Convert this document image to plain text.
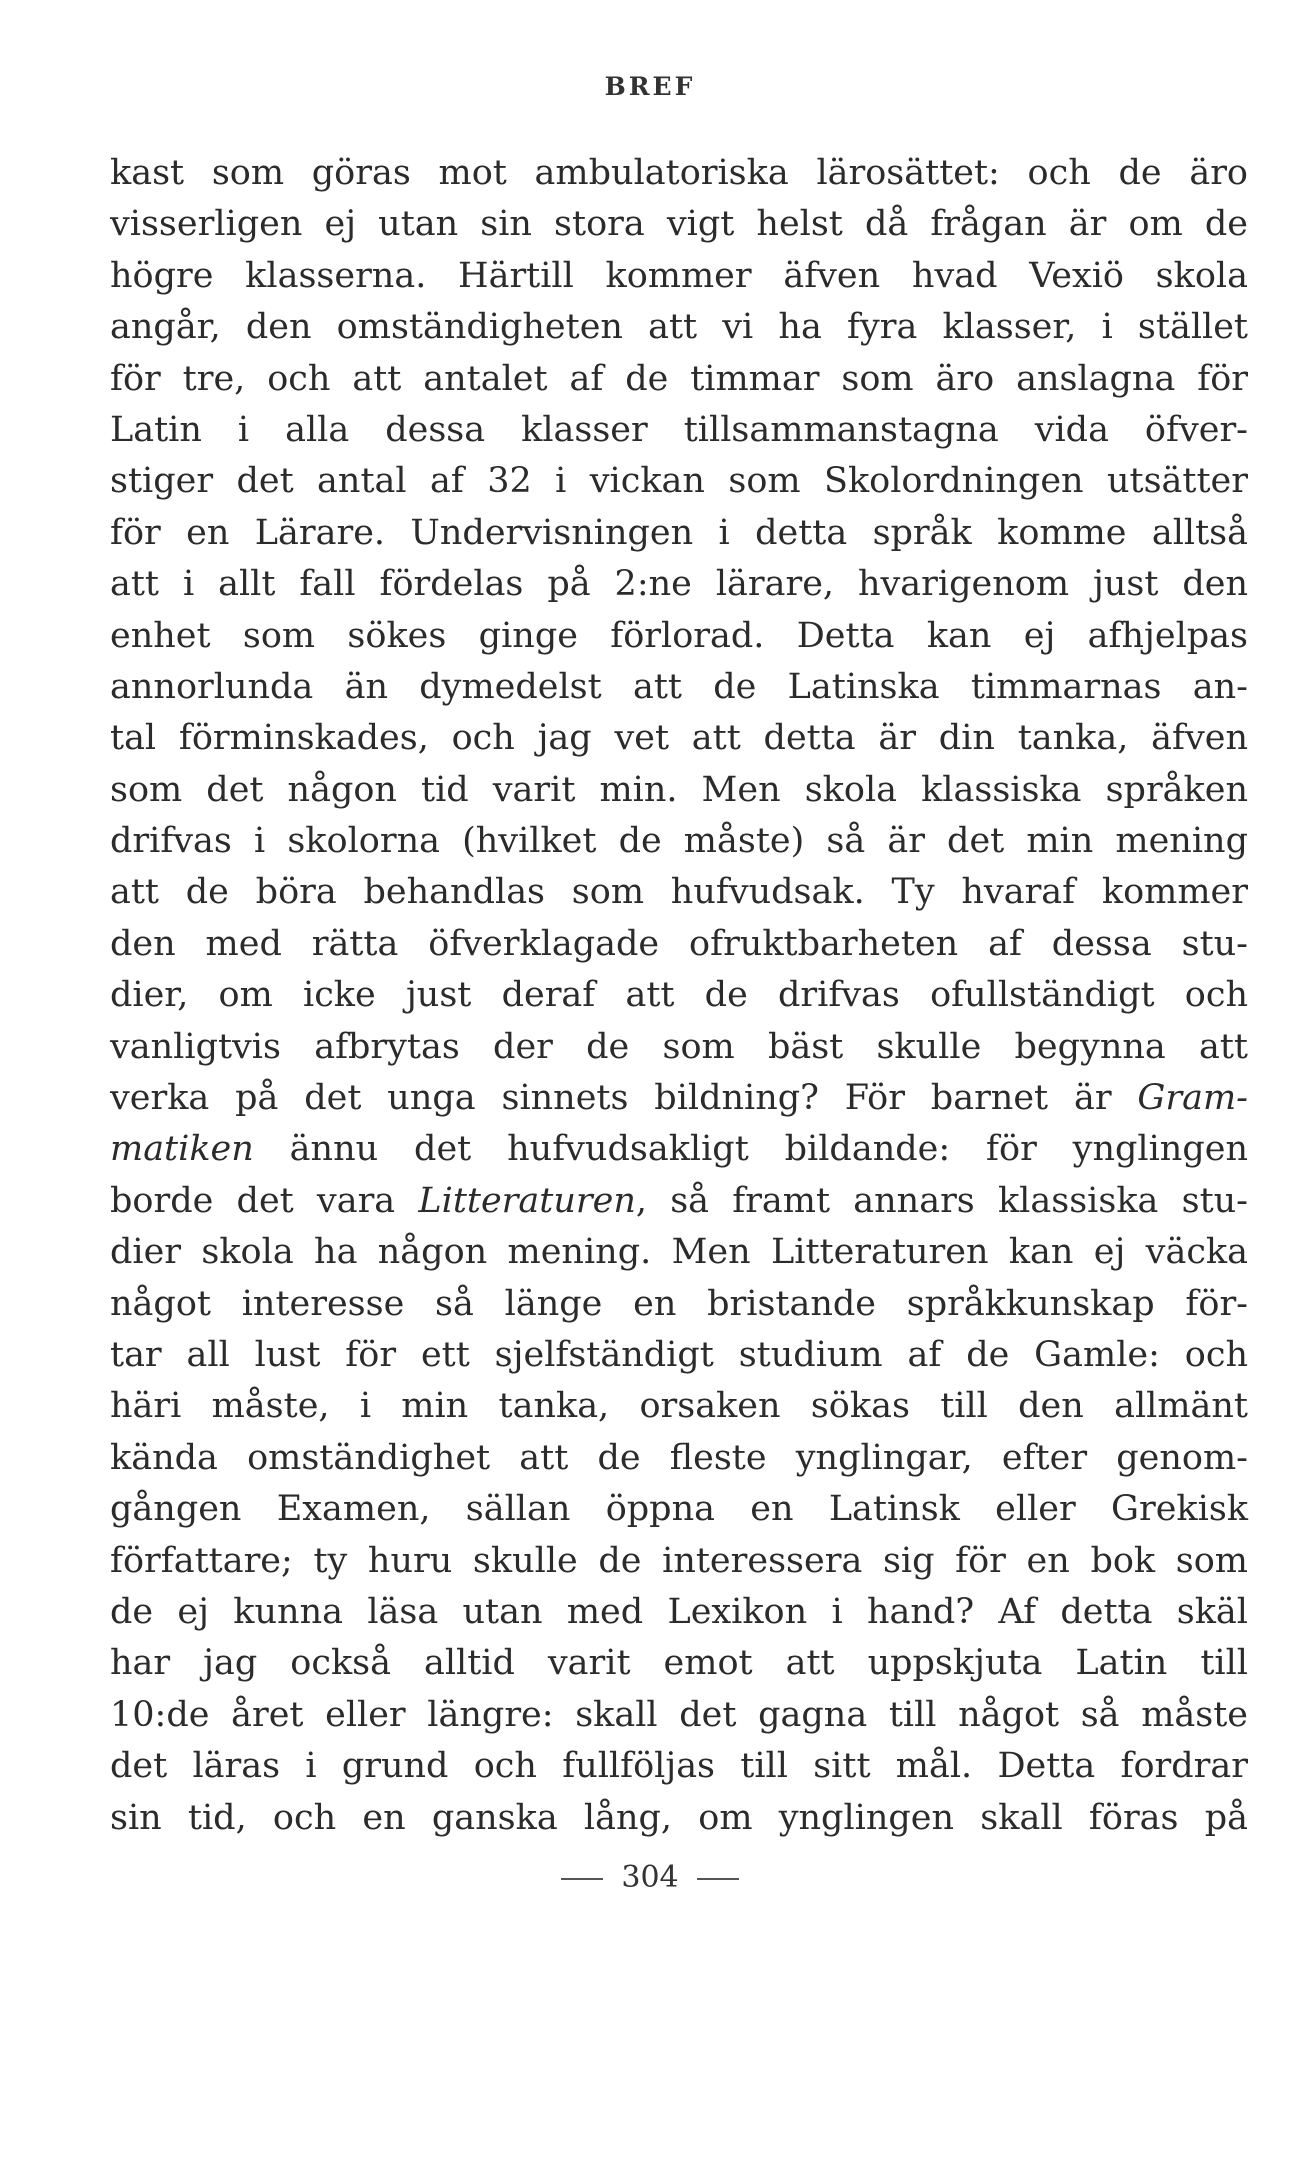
BREF
kast som göras mot ambulatoriska lärosättet: och de äro
visserligen ej utan sin stora vigt helst då frågan är om de
högre klasserna. Härtill kommer äfven hvad Vexiö skola
angår, den omständigheten att vi ha fyra klasser, i stället
för tre, och att antalet af de timmar som äro anslagna för
Latin i alla dessa klasser tillsammanstagna vida öfver-
stiger det antal af 32 i vickan som Skolordningen utsätter
för en Lärare. Undervisningen i detta språk komme alltså
att i allt fall fördelas på 2:ne lärare, hvarigenom just den
enhet som sökes ginge förlorad. Detta kan ej afhjelpas
annorlunda än dymedelst att de Latinska timmarnas an-
tal förminskades, och jag vet att detta är din tanka, äfven
som det någon tid varit min. Men skola klassiska språken
drifvas i skolorna (hvilket de måste) så är det min mening
att de böra behandlas som hufvudsak. Ty hvaraf kommer
den med rätta öfverklagade ofruktbarheten af dessa stu-
dier, om icke just deraf att de drifvas ofullständigt och
vanligtvis afbrytas der de som bäst skulle begynna att
verka på det unga sinnets bildning? För barnet är Gram-
matiken ännu det hufvudsakligt bildande: för ynglingen
borde det vara Litteraturen, så framt annars klassiska stu-
dier skola ha någon mening. Men Litteraturen kan ej väcka
något interesse så länge en bristande språkkunskap för-
tar all lust för ett sjelfständigt studium af de Gamle: och
häri måste, i min tanka, orsaken sökas till den allmänt
kända omständighet att de fleste ynglingar, efter genom-
gången Examen, sällan öppna en Latinsk eller Grekisk
författare; ty huru skulle de interessera sig för en bok som
de ej kunna läsa utan med Lexikon i hand? Af detta skäl
har jag också alltid varit emot att uppskjuta Latin till
10:de året eller längre: skall det gagna till något så måste
det läras i grund och fullföljas till sitt mål. Detta fordrar
sin tid, och en ganska lång, om ynglingen skall föras på
304
